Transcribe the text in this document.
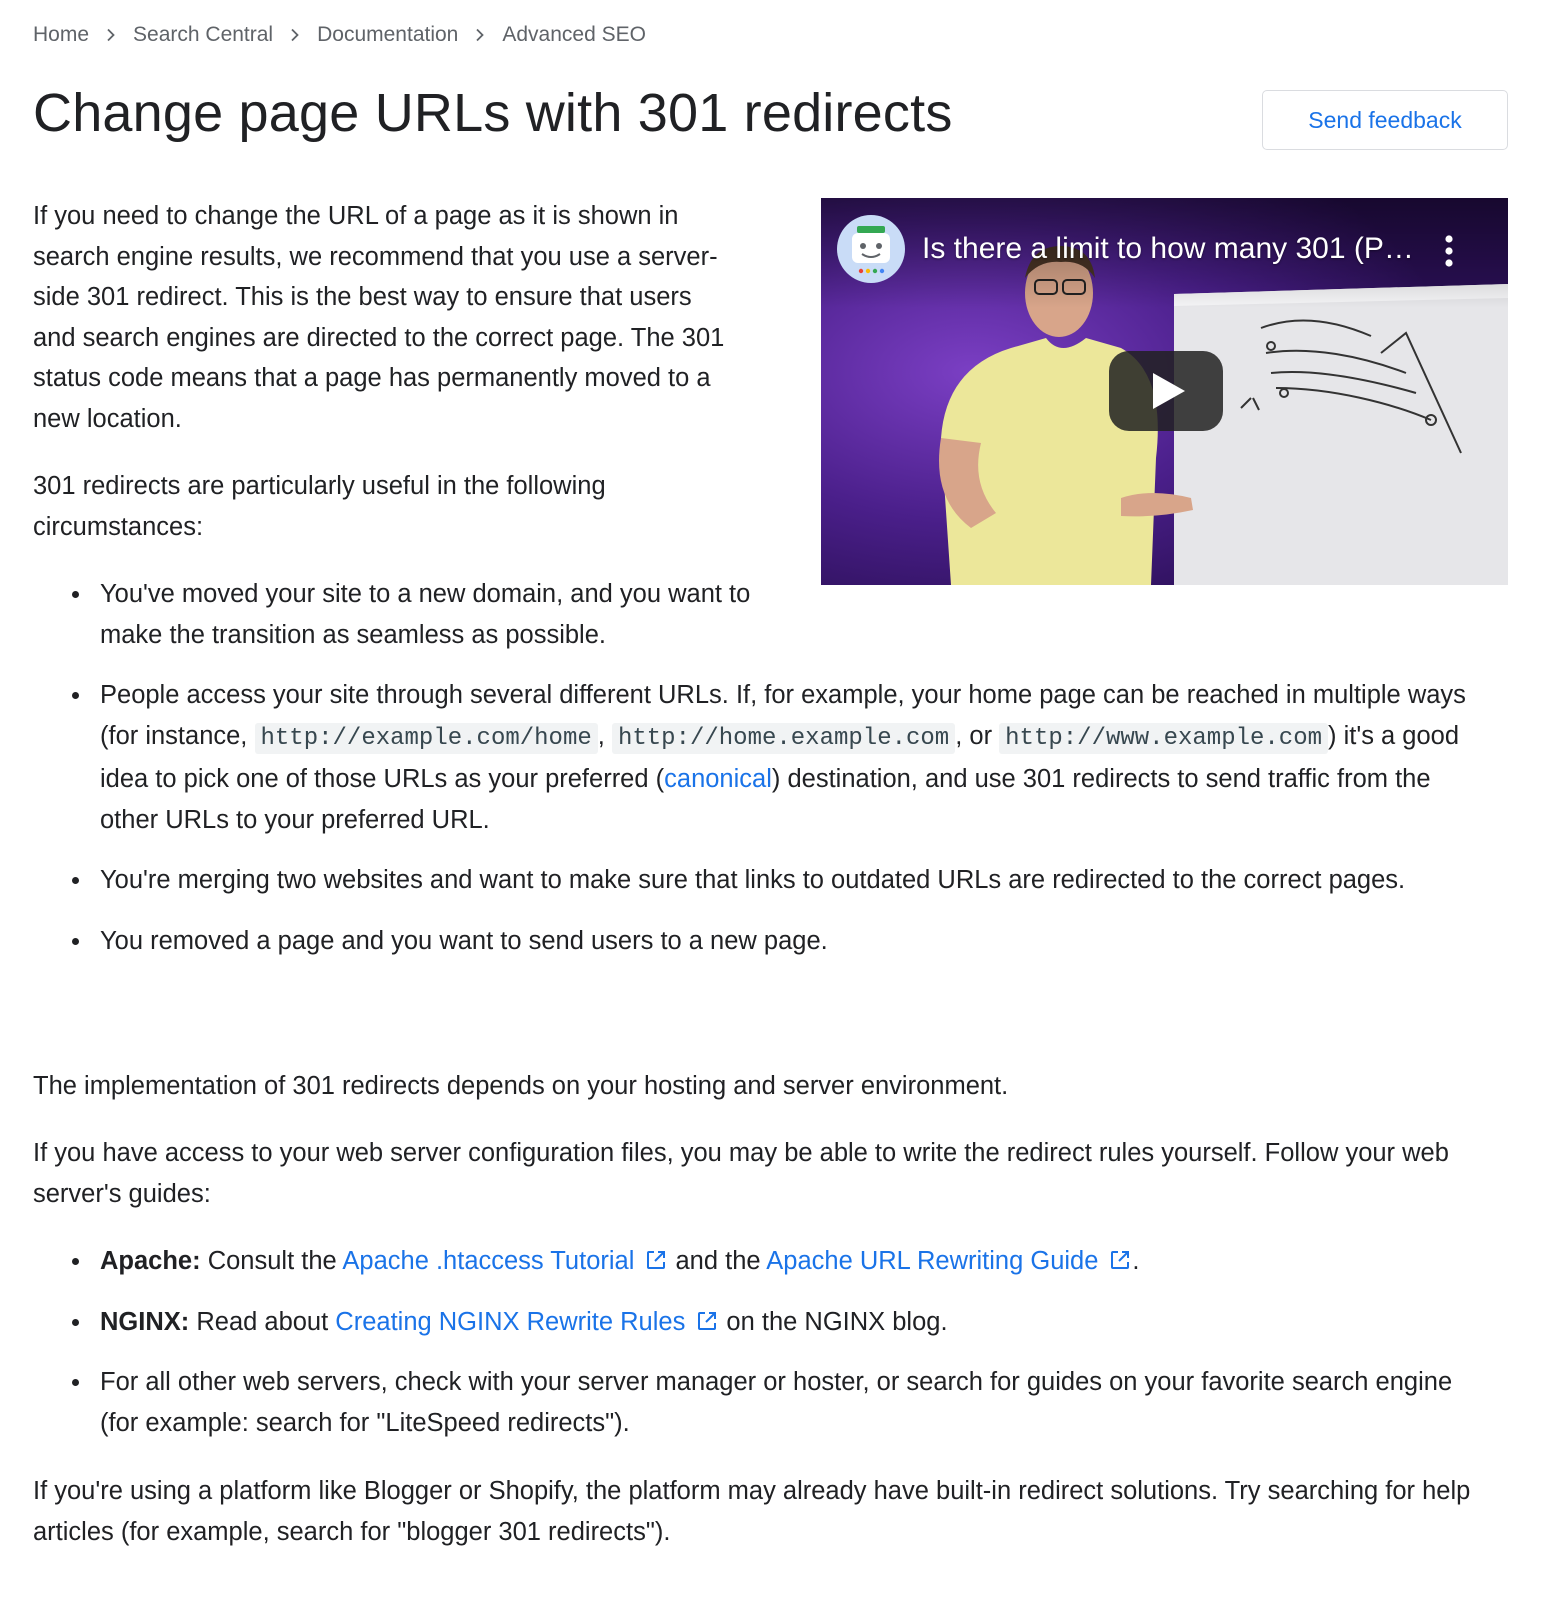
Home Search Central Documentation Advanced SEO
Change page URLs with 301 redirects	Send feedback

If you need to change the URL of a page as it is shown in search engine results, we recommend that you use a server-side 301 redirect. This is the best way to ensure that users and search engines are directed to the correct page. The 301 status code means that a page has permanently moved to a new location.

301 redirects are particularly useful in the following circumstances:

Is there a limit to how many 301 (P…
You've moved your site to a new domain, and you want to make the transition as seamless as possible.
People access your site through several different URLs. If, for example, your home page can be reached in multiple ways (for instance, http://example.com/home , http://home.example.com , or http://www.example.com ) it's a good idea to pick one of those URLs as your preferred (canonical) destination, and use 301 redirects to send traffic from the other URLs to your preferred URL.
You're merging two websites and want to make sure that links to outdated URLs are redirected to the correct pages.
You removed a page and you want to send users to a new page.

The implementation of 301 redirects depends on your hosting and server environment.

If you have access to your web server configuration files, you may be able to write the redirect rules yourself. Follow your web server's guides:

Apache: Consult the Apache .htaccess Tutorial and the Apache URL Rewriting Guide .
NGINX: Read about Creating NGINX Rewrite Rules on the NGINX blog.
For all other web servers, check with your server manager or hoster, or search for guides on your favorite search engine (for example: search for "LiteSpeed redirects").

If you're using a platform like Blogger or Shopify, the platform may already have built-in redirect solutions. Try searching for help articles (for example, search for "blogger 301 redirects").
